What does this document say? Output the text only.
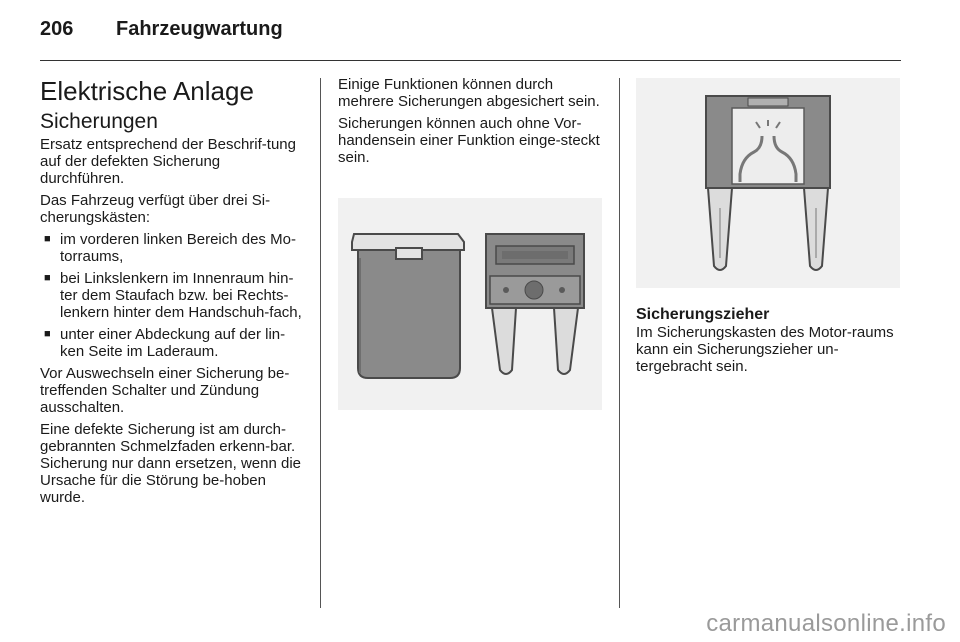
206 Fahrzeugwartung
Elektrische Anlage
Sicherungen

Ersatz entsprechend der Beschrif-tung auf der defekten Sicherung durchführen.

Das Fahrzeug verfügt über drei Si-cherungskästen:

■ im vorderen linken Bereich des Mo-torraums,
■ bei Linkslenkern im Innenraum hin-ter dem Staufach bzw. bei Rechts-lenkern hinter dem Handschuh-fach,
■ unter einer Abdeckung auf der lin-ken Seite im Laderaum.

Vor Auswechseln einer Sicherung be-treffenden Schalter und Zündung ausschalten.

Eine defekte Sicherung ist am durch-gebrannten Schmelzfaden erkenn-bar. Sicherung nur dann ersetzen, wenn die Ursache für die Störung be-hoben wurde.

Einige Funktionen können durch mehrere Sicherungen abgesichert sein.

Sicherungen können auch ohne Vor-handensein einer Funktion einge-steckt sein.

Sicherungszieher

Im Sicherungskasten des Motor-raums kann ein Sicherungszieher un-tergebracht sein.

carmanualsonline.info
